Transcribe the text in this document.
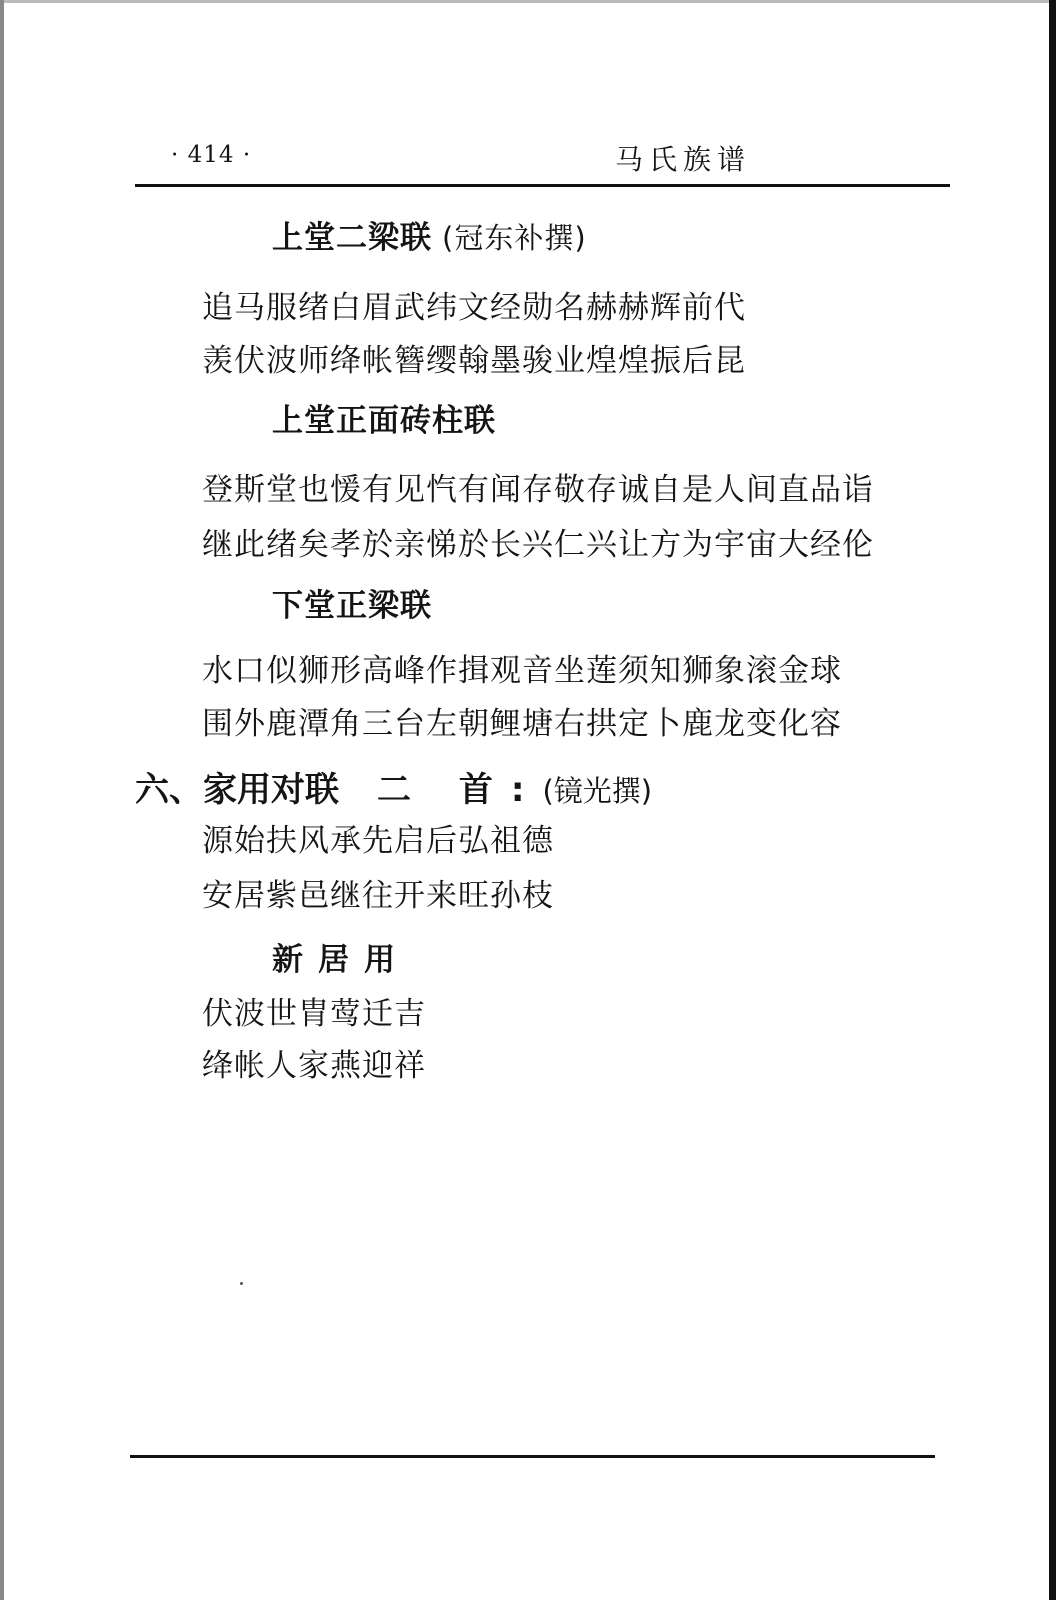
· 414 ·	马氏族谱
上堂二梁联 (冠东补撰)
追马服绪白眉武纬文经勋名赫赫辉前代
羡伏波师绛帐簪缨翰墨骏业煌煌振后昆
上堂正面砖柱联
登斯堂也愋有见忾有闻存敬存诚自是人间直品诣
继此绪矣孝於亲悌於长兴仁兴让方为宇宙大经伦
下堂正梁联
水口似狮形高峰作揖观音坐莲须知狮象滚金球
围外鹿潭角三台左朝鲤塘右拱定卜鹿龙变化容
六、家用对联 二 首:(镜光撰)
源始扶风承先启后弘祖德
安居紫邑继往开来旺孙枝
新居用
伏波世胄莺迁吉
绛帐人家燕迎祥
